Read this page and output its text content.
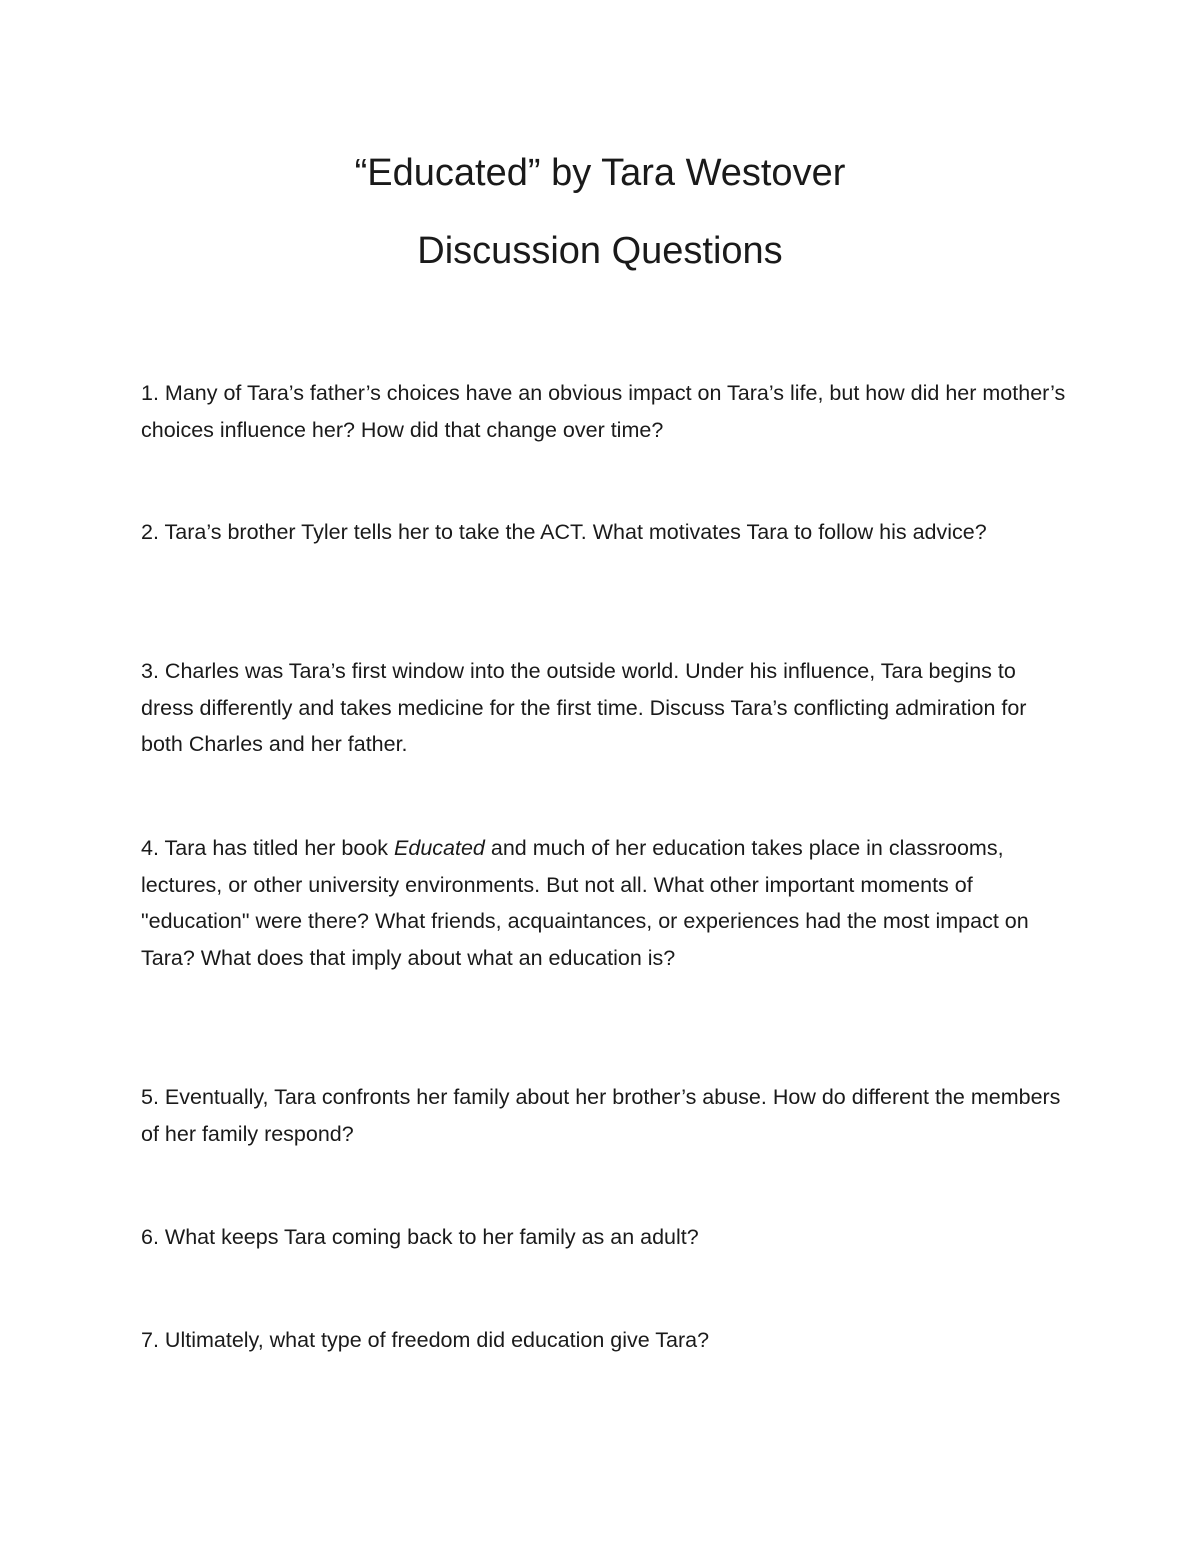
“Educated” by Tara Westover
Discussion Questions

1. Many of Tara’s father’s choices have an obvious impact on Tara’s life, but how did her mother’s choices influence her? How did that change over time?

2. Tara’s brother Tyler tells her to take the ACT. What motivates Tara to follow his advice?

3. Charles was Tara’s first window into the outside world. Under his influence, Tara begins to dress differently and takes medicine for the first time. Discuss Tara’s conflicting admiration for both Charles and her father.

4. Tara has titled her book Educated and much of her education takes place in classrooms, lectures, or other university environments. But not all. What other important moments of "education" were there? What friends, acquaintances, or experiences had the most impact on Tara? What does that imply about what an education is?

5. Eventually, Tara confronts her family about her brother’s abuse. How do different the members of her family respond?

6. What keeps Tara coming back to her family as an adult?

7. Ultimately, what type of freedom did education give Tara?
